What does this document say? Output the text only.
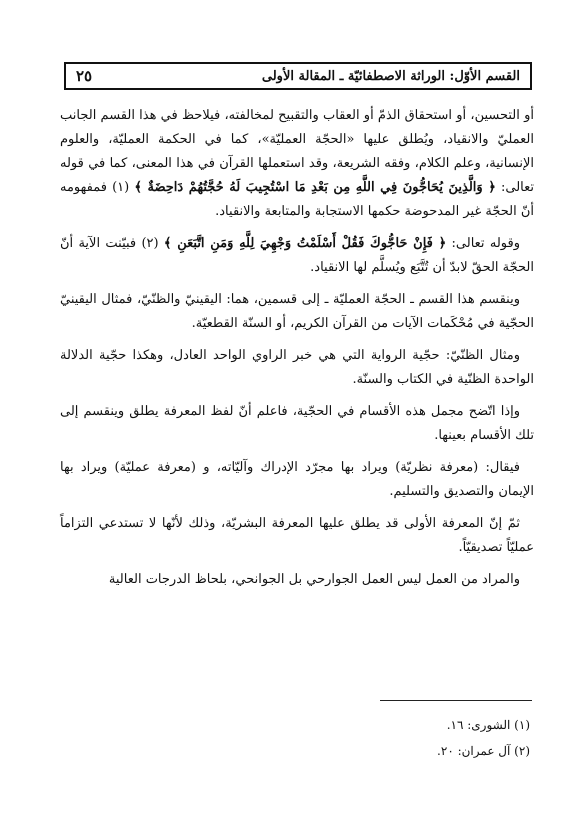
القسم الأوّل: الوراثة الاصطفائيّة ـ المقالة الأولى
٢٥

أو التحسين، أو استحقاق الذمّ أو العقاب والتقبيح لمخالفته، فيلاحظ في هذا القسم الجانب العمليّ والانقياد، ويُطلق عليها «الحجّة العمليّة»، كما في الحكمة العمليّة، والعلوم الإنسانية، وعلم الكلام، وفقه الشريعة، وقد استعملها القرآن في هذا المعنى، كما في قوله تعالى: ﴿ وَالَّذِينَ يُحَاجُّونَ فِي اللَّهِ مِن بَعْدِ مَا اسْتُجِيبَ لَهُ حُجَّتُهُمْ دَاحِضَةٌ ﴾ (١) فمفهومه أنّ الحجّة غير المدحوضة حكمها الاستجابة والمتابعة والانقياد.

وقوله تعالى: ﴿ فَإِنْ حَاجُّوكَ فَقُلْ أَسْلَمْتُ وَجْهِيَ لِلَّهِ وَمَنِ اتَّبَعَنِ ﴾ (٢) فبيّنت الآية أنّ الحجّة الحقّ لابدّ أن تُتَّبَع ويُسلَّم لها الانقياد.

وينقسم هذا القسم ـ الحجّة العمليّة ـ إلى قسمين، هما: اليقينيّ والظنّيّ، فمثال اليقينيّ الحجّية في مُحْكَمات الآيات من القرآن الكريم، أو السنّة القطعيّة.

ومثال الظنّيّ: حجّية الرواية التي هي خبر الراوي الواحد العادل، وهكذا حجّية الدلالة الواحدة الظنّية في الكتاب والسنّة.

وإذا اتّضح مجمل هذه الأقسام في الحجّية، فاعلم أنّ لفظ المعرفة يطلق وينقسم إلى تلك الأقسام بعينها.

فيقال: (معرفة نظريّة) ويراد بها مجرّد الإدراك وآليّاته، و (معرفة عمليّة) ويراد بها الإيمان والتصديق والتسليم.

ثمّ إنّ المعرفة الأولى قد يطلق عليها المعرفة البشريّة، وذلك لأنّها لا تستدعي التزاماً عمليّاً تصديقيّاً.

والمراد من العمل ليس العمل الجوارحي بل الجوانحي، بلحاظ الدرجات العالية

(١) الشورى: ١٦.
(٢) آل عمران: ٢٠.
